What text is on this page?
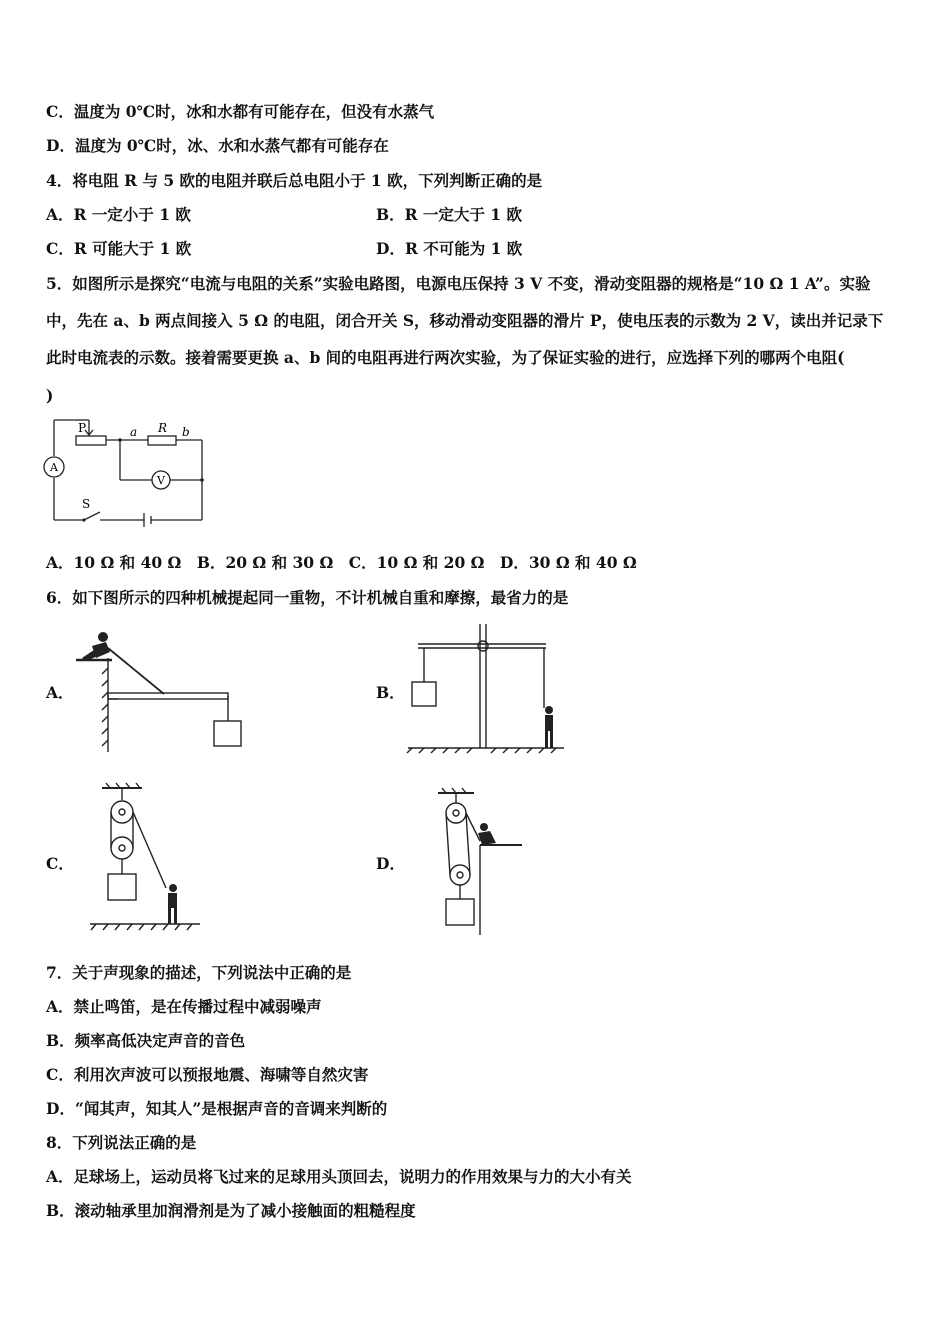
C．温度为 0℃时，冰和水都有可能存在，但没有水蒸气
D．温度为 0℃时，冰、水和水蒸气都有可能存在
4．将电阻 R 与 5 欧的电阻并联后总电阻小于 1 欧，下列判断正确的是
A．R 一定小于 1 欧	B．R 一定大于 1 欧
C．R 可能大于 1 欧	D．R 不可能为 1 欧
5．如图所示是探究“电流与电阻的关系”实验电路图，电源电压保持 3 V 不变，滑动变阻器的规格是“10 Ω 1 A”。实验
中，先在 a、b 两点间接入 5 Ω 的电阻，闭合开关 S，移动滑动变阻器的滑片 P，使电压表的示数为 2 V，读出并记录下
此时电流表的示数。接着需要更换 a、b 间的电阻再进行两次实验，为了保证实验的进行，应选择下列的哪两个电阻(
)
P	a R b
V
A
S
A．10 Ω 和 40 Ω　B．20 Ω 和 30 Ω　C．10 Ω 和 20 Ω　D．30 Ω 和 40 Ω
6．如下图所示的四种机械提起同一重物，不计机械自重和摩擦，最省力的是
A．	B．
C．	D．
7．关于声现象的描述，下列说法中正确的是
A．禁止鸣笛，是在传播过程中减弱噪声
B．频率高低决定声音的音色
C．利用次声波可以预报地震、海啸等自然灾害
D．“闻其声，知其人”是根据声音的音调来判断的
8．下列说法正确的是
A．足球场上，运动员将飞过来的足球用头顶回去，说明力的作用效果与力的大小有关
B．滚动轴承里加润滑剂是为了减小接触面的粗糙程度
